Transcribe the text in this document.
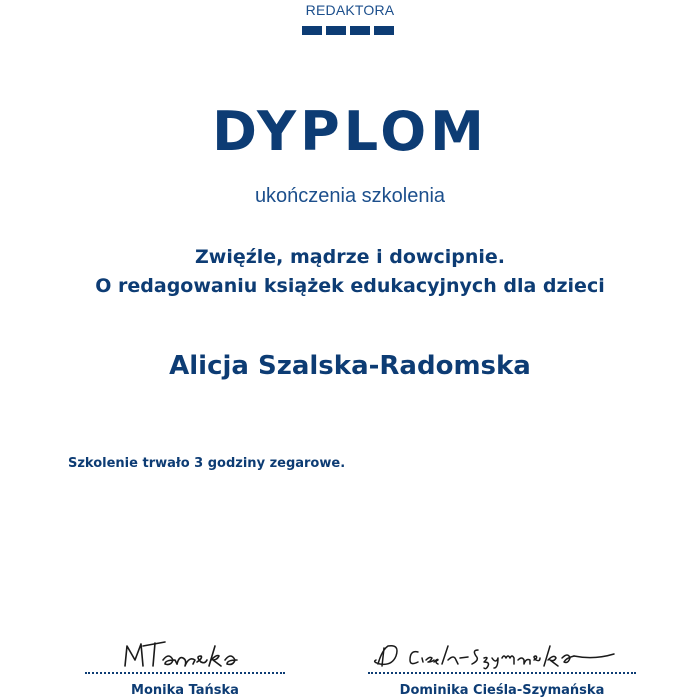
REDAKTORA
DYPLOM
ukończenia szkolenia
Zwięźle, mądrze i dowcipnie.
O redagowaniu książek edukacyjnych dla dzieci
Alicja Szalska-Radomska
Szkolenie trwało 3 godziny zegarowe.
Monika Tańska	Dominika Cieśla-Szymańska
